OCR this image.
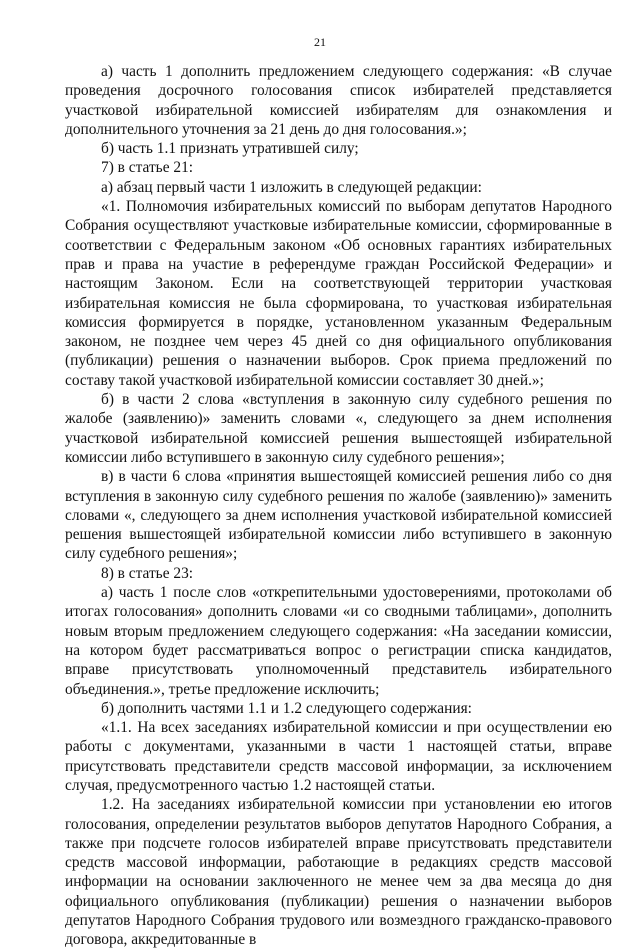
21

а) часть 1 дополнить предложением следующего содержания: «В случае проведения досрочного голосования список избирателей представляется участковой избирательной комиссией избирателям для ознакомления и дополнительного уточнения за 21 день до дня голосования.»;

б) часть 1.1 признать утратившей силу;

7) в статье 21:

а) абзац первый части 1 изложить в следующей редакции:

«1. Полномочия избирательных комиссий по выборам депутатов Народного Собрания осуществляют участковые избирательные комиссии, сформированные в соответствии с Федеральным законом «Об основных гарантиях избирательных прав и права на участие в референдуме граждан Российской Федерации» и настоящим Законом. Если на соответствующей территории участковая избирательная комиссия не была сформирована, то участковая избирательная комиссия формируется в порядке, установленном указанным Федеральным законом, не позднее чем через 45 дней со дня официального опубликования (публикации) решения о назначении выборов. Срок приема предложений по составу такой участковой избирательной комиссии составляет 30 дней.»;

б) в части 2 слова «вступления в законную силу судебного решения по жалобе (заявлению)» заменить словами «, следующего за днем исполнения участковой избирательной комиссией решения вышестоящей избирательной комиссии либо вступившего в законную силу судебного решения»;

в) в части 6 слова «принятия вышестоящей комиссией решения либо со дня вступления в законную силу судебного решения по жалобе (заявлению)» заменить словами «, следующего за днем исполнения участковой избирательной комиссией решения вышестоящей избирательной комиссии либо вступившего в законную силу судебного решения»;

8) в статье 23:

а) часть 1 после слов «открепительными удостоверениями, протоколами об итогах голосования» дополнить словами «и со сводными таблицами», дополнить новым вторым предложением следующего содержания: «На заседании комиссии, на котором будет рассматриваться вопрос о регистрации списка кандидатов, вправе присутствовать уполномоченный представитель избирательного объединения.», третье предложение исключить;

б) дополнить частями 1.1 и 1.2 следующего содержания:

«1.1. На всех заседаниях избирательной комиссии и при осуществлении ею работы с документами, указанными в части 1 настоящей статьи, вправе присутствовать представители средств массовой информации, за исключением случая, предусмотренного частью 1.2 настоящей статьи.

1.2. На заседаниях избирательной комиссии при установлении ею итогов голосования, определении результатов выборов депутатов Народного Собрания, а также при подсчете голосов избирателей вправе присутствовать представители средств массовой информации, работающие в редакциях средств массовой информации на основании заключенного не менее чем за два месяца до дня официального опубликования (публикации) решения о назначении выборов депутатов Народного Собрания трудового или возмездного гражданско-правового договора, аккредитованные в
